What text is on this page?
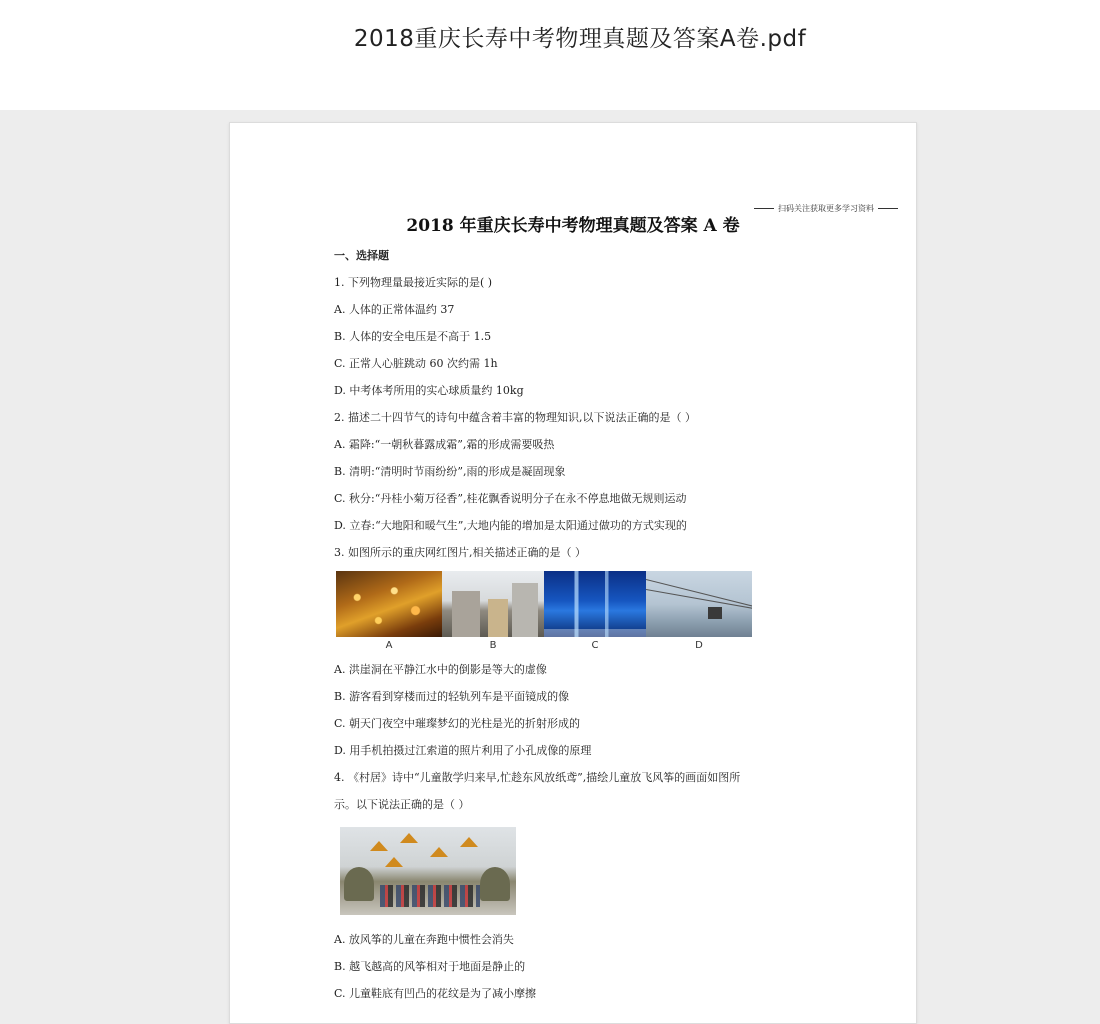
2018重庆长寿中考物理真题及答案A卷.pdf
扫码关注获取更多学习资料
2018 年重庆长寿中考物理真题及答案 A 卷
一、选择题
1. 下列物理量最接近实际的是( )
A. 人体的正常体温约 37
B. 人体的安全电压是不高于 1.5
C. 正常人心脏跳动 60 次约需 1h
D. 中考体考所用的实心球质量约 10kg
2. 描述二十四节气的诗句中蕴含着丰富的物理知识,以下说法正确的是（ ）
A. 霜降:“一朝秋暮露成霜”,霜的形成需要吸热
B. 清明:“清明时节雨纷纷”,雨的形成是凝固现象
C. 秋分:“丹桂小菊万径香”,桂花飘香说明分子在永不停息地做无规则运动
D. 立春:“大地阳和暖气生”,大地内能的增加是太阳通过做功的方式实现的
3. 如图所示的重庆网红图片,相关描述正确的是（ ）
A	B	C	D
A. 洪崖洞在平静江水中的倒影是等大的虚像
B. 游客看到穿楼而过的轻轨列车是平面镜成的像
C. 朝天门夜空中璀璨梦幻的光柱是光的折射形成的
D. 用手机拍摄过江索道的照片利用了小孔成像的原理
4. 《村居》诗中“儿童散学归来早,忙趁东风放纸鸢”,描绘儿童放飞风筝的画面如图所
示。以下说法正确的是（ ）
A. 放风筝的儿童在奔跑中惯性会消失
B. 越飞越高的风筝相对于地面是静止的
C. 儿童鞋底有凹凸的花纹是为了减小摩擦
